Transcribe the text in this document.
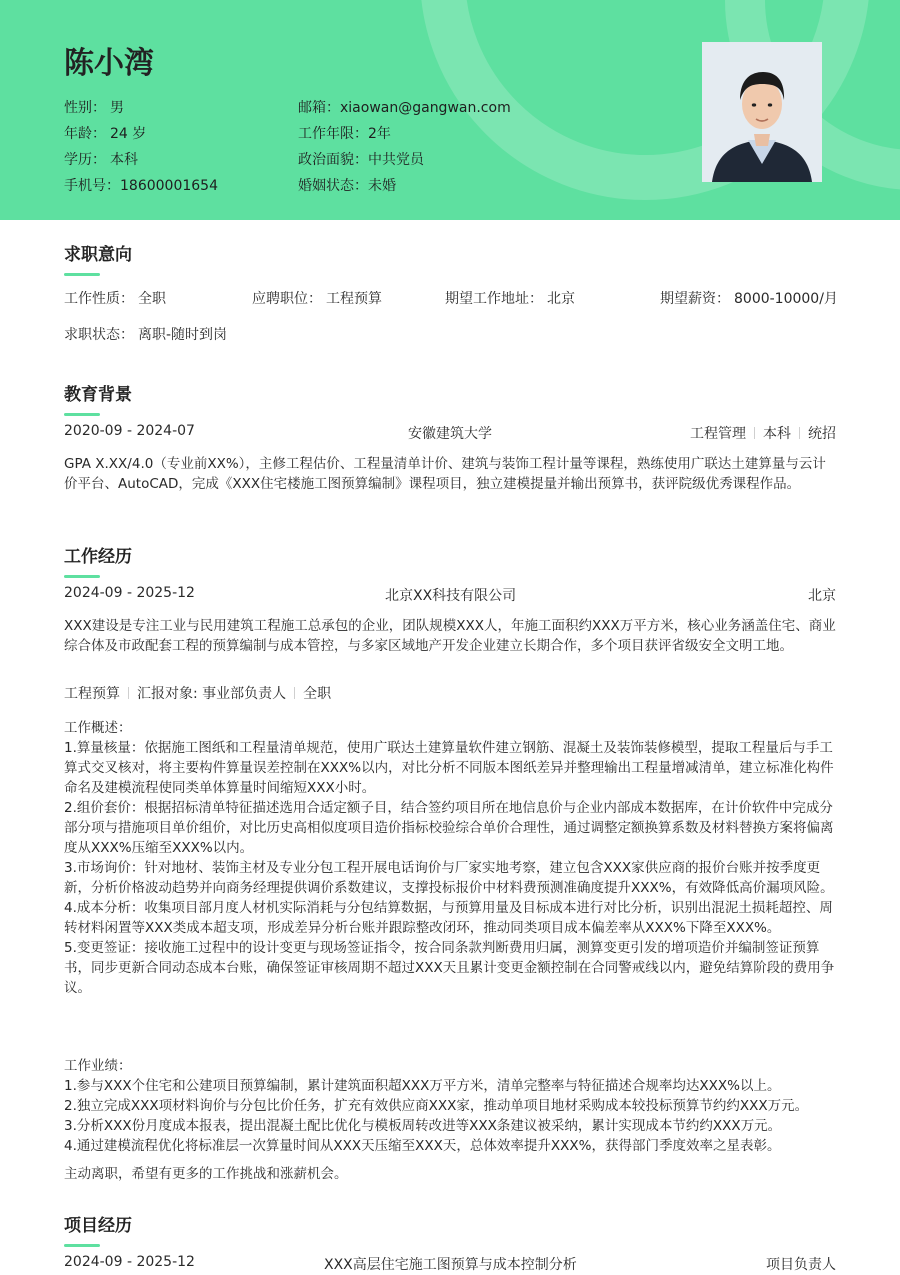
陈小湾
性别： 男	邮箱：xiaowan@gangwan.com
年龄： 24 岁	工作年限：2年
学历： 本科	政治面貌：中共党员
手机号：18600001654	婚姻状态：未婚
求职意向
工作性质： 全职	应聘职位： 工程预算	期望工作地址： 北京	期望薪资： 8000-10000/月
求职状态： 离职-随时到岗
教育背景
2020-09 - 2024-07	安徽建筑大学	工程管理 本科 统招
GPA X.XX/4.0（专业前XX%），主修工程估价、工程量清单计价、建筑与装饰工程计量等课程，熟练使用广联达土建算量与云计价平台、AutoCAD，完成《XXX住宅楼施工图预算编制》课程项目，独立建模提量并输出预算书，获评院级优秀课程作品。
工作经历
2024-09 - 2025-12	北京XX科技有限公司	北京
XXX建设是专注工业与民用建筑工程施工总承包的企业，团队规模XXX人，年施工面积约XXX万平方米，核心业务涵盖住宅、商业综合体及市政配套工程的预算编制与成本管控，与多家区域地产开发企业建立长期合作，多个项目获评省级安全文明工地。
工程预算 汇报对象: 事业部负责人 全职

工作概述：

1.算量核量：依据施工图纸和工程量清单规范，使用广联达土建算量软件建立钢筋、混凝土及装饰装修模型，提取工程量后与手工算式交叉核对，将主要构件算量误差控制在XXX%以内，对比分析不同版本图纸差异并整理输出工程量增减清单，建立标准化构件命名及建模流程使同类单体算量时间缩短XXX小时。

2.组价套价：根据招标清单特征描述选用合适定额子目，结合签约项目所在地信息价与企业内部成本数据库，在计价软件中完成分部分项与措施项目单价组价，对比历史高相似度项目造价指标校验综合单价合理性，通过调整定额换算系数及材料替换方案将偏离度从XXX%压缩至XXX%以内。

3.市场询价：针对地材、装饰主材及专业分包工程开展电话询价与厂家实地考察，建立包含XXX家供应商的报价台账并按季度更新，分析价格波动趋势并向商务经理提供调价系数建议，支撑投标报价中材料费预测准确度提升XXX%，有效降低高价漏项风险。

4.成本分析：收集项目部月度人材机实际消耗与分包结算数据，与预算用量及目标成本进行对比分析，识别出混泥土损耗超控、周转材料闲置等XXX类成本超支项，形成差异分析台账并跟踪整改闭环，推动同类项目成本偏差率从XXX%下降至XXX%。

5.变更签证：接收施工过程中的设计变更与现场签证指令，按合同条款判断费用归属，测算变更引发的增项造价并编制签证预算书，同步更新合同动态成本台账，确保签证审核周期不超过XXX天且累计变更金额控制在合同警戒线以内，避免结算阶段的费用争议。

工作业绩：

1.参与XXX个住宅和公建项目预算编制，累计建筑面积超XXX万平方米，清单完整率与特征描述合规率均达XXX%以上。

2.独立完成XXX项材料询价与分包比价任务，扩充有效供应商XXX家，推动单项目地材采购成本较投标预算节约约XXX万元。

3.分析XXX份月度成本报表，提出混凝土配比优化与模板周转改进等XXX条建议被采纳，累计实现成本节约约XXX万元。

4.通过建模流程优化将标准层一次算量时间从XXX天压缩至XXX天，总体效率提升XXX%，获得部门季度效率之星表彰。

主动离职，希望有更多的工作挑战和涨薪机会。
项目经历
2024-09 - 2025-12	XXX高层住宅施工图预算与成本控制分析	项目负责人
